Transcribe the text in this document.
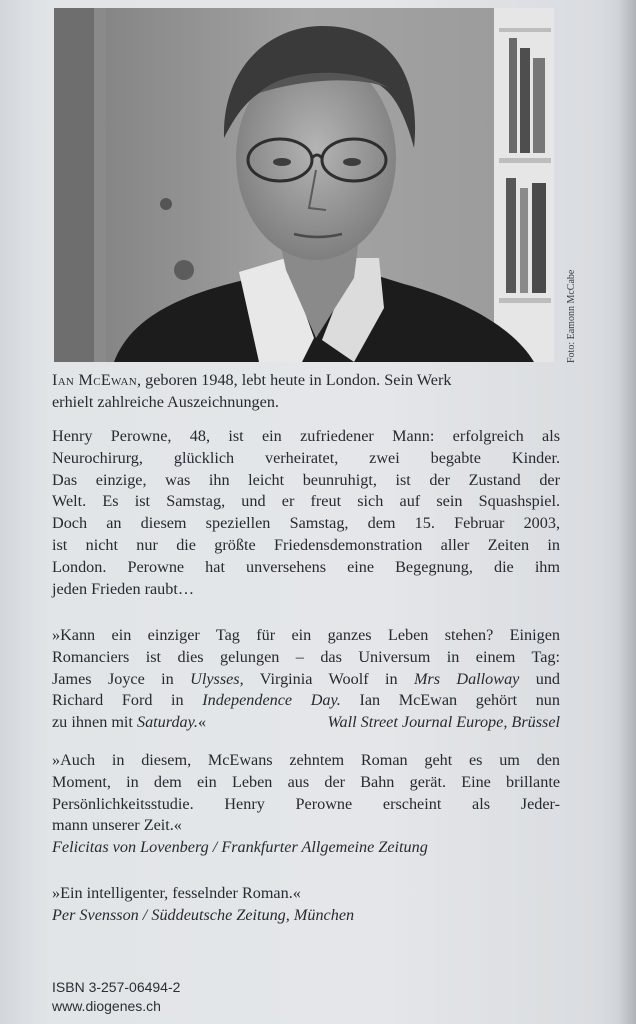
Foto: Eamonn McCabe
Ian McEwan, geboren 1948, lebt heute in London. Sein Werk
erhielt zahlreiche Auszeichnungen.
Henry Perowne, 48, ist ein zufriedener Mann: erfolgreich als
Neurochirurg, glücklich verheiratet, zwei begabte Kinder.
Das einzige, was ihn leicht beunruhigt, ist der Zustand der
Welt. Es ist Samstag, und er freut sich auf sein Squashspiel.
Doch an diesem speziellen Samstag, dem 15. Februar 2003,
ist nicht nur die größte Friedensdemonstration aller Zeiten in
London. Perowne hat unversehens eine Begegnung, die ihm
jeden Frieden raubt…
»Kann ein einziger Tag für ein ganzes Leben stehen? Einigen
Romanciers ist dies gelungen – das Universum in einem Tag:
James Joyce in Ulysses, Virginia Woolf in Mrs Dalloway und
Richard Ford in Independence Day. Ian McEwan gehört nun
zu ihnen mit Saturday.«	Wall Street Journal Europe, Brüssel
»Auch in diesem, McEwans zehntem Roman geht es um den
Moment, in dem ein Leben aus der Bahn gerät. Eine brillante
Persönlichkeitsstudie. Henry Perowne erscheint als Jeder-
mann unserer Zeit.«
Felicitas von Lovenberg / Frankfurter Allgemeine Zeitung
»Ein intelligenter, fesselnder Roman.«
Per Svensson / Süddeutsche Zeitung, München
ISBN 3-257-06494-2
www.diogenes.ch
